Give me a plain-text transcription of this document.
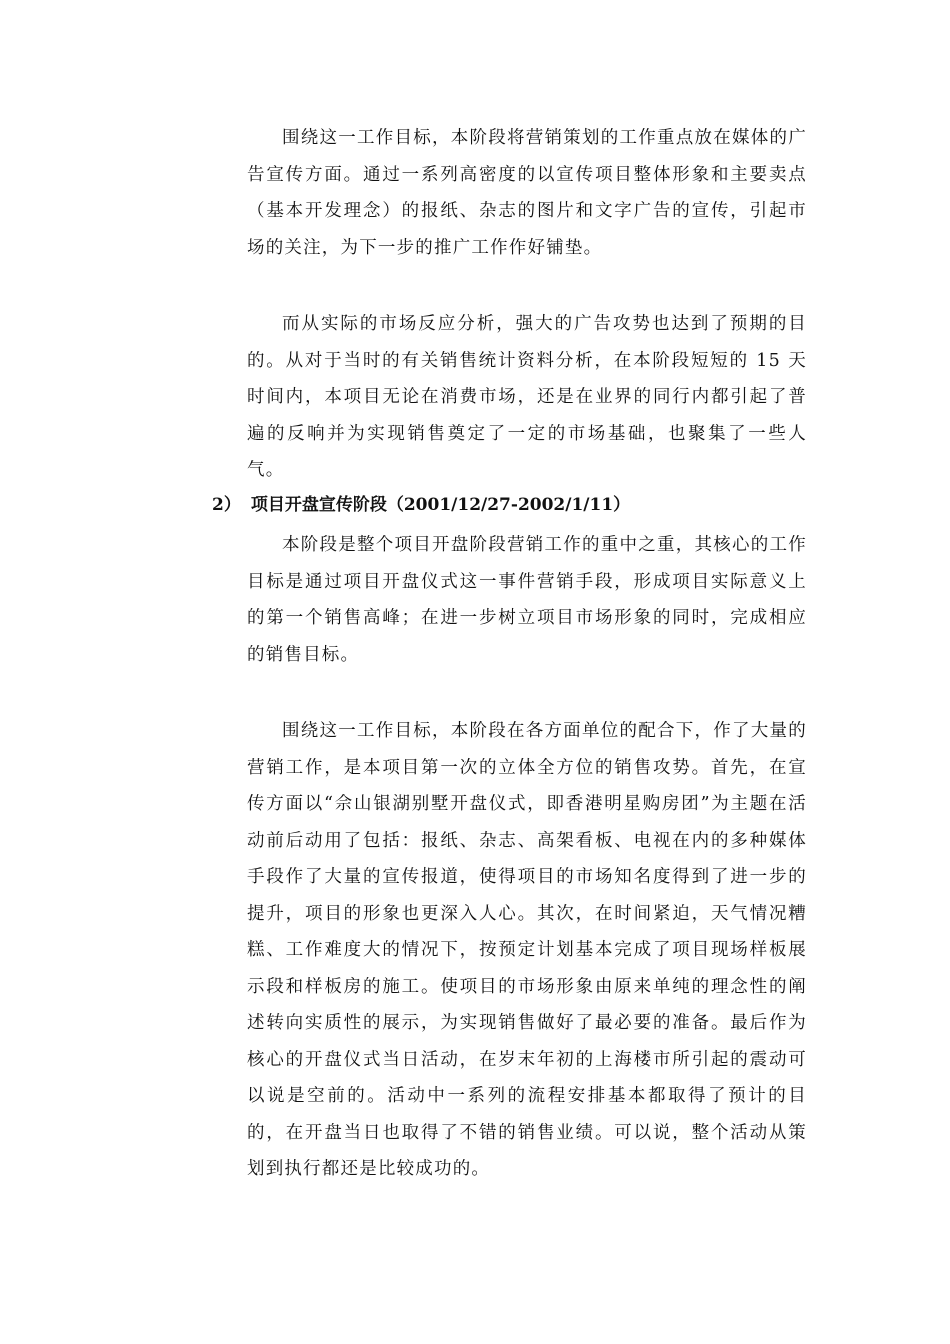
围绕这一工作目标，本阶段将营销策划的工作重点放在媒体的广告宣传方面。通过一系列高密度的以宣传项目整体形象和主要卖点（基本开发理念）的报纸、杂志的图片和文字广告的宣传，引起市场的关注，为下一步的推广工作作好铺垫。

而从实际的市场反应分析，强大的广告攻势也达到了预期的目的。从对于当时的有关销售统计资料分析，在本阶段短短的 15 天时间内，本项目无论在消费市场，还是在业界的同行内都引起了普遍的反响并为实现销售奠定了一定的市场基础，也聚集了一些人气。

2） 项目开盘宣传阶段（2001/12/27-2002/1/11）

本阶段是整个项目开盘阶段营销工作的重中之重，其核心的工作目标是通过项目开盘仪式这一事件营销手段，形成项目实际意义上的第一个销售高峰；在进一步树立项目市场形象的同时，完成相应的销售目标。

围绕这一工作目标，本阶段在各方面单位的配合下，作了大量的营销工作，是本项目第一次的立体全方位的销售攻势。首先，在宣传方面以“佘山银湖别墅开盘仪式，即香港明星购房团”为主题在活动前后动用了包括：报纸、杂志、高架看板、电视在内的多种媒体手段作了大量的宣传报道，使得项目的市场知名度得到了进一步的提升，项目的形象也更深入人心。其次，在时间紧迫，天气情况糟糕、工作难度大的情况下，按预定计划基本完成了项目现场样板展示段和样板房的施工。使项目的市场形象由原来单纯的理念性的阐述转向实质性的展示，为实现销售做好了最必要的准备。最后作为核心的开盘仪式当日活动，在岁末年初的上海楼市所引起的震动可以说是空前的。活动中一系列的流程安排基本都取得了预计的目的，在开盘当日也取得了不错的销售业绩。可以说，整个活动从策划到执行都还是比较成功的。
